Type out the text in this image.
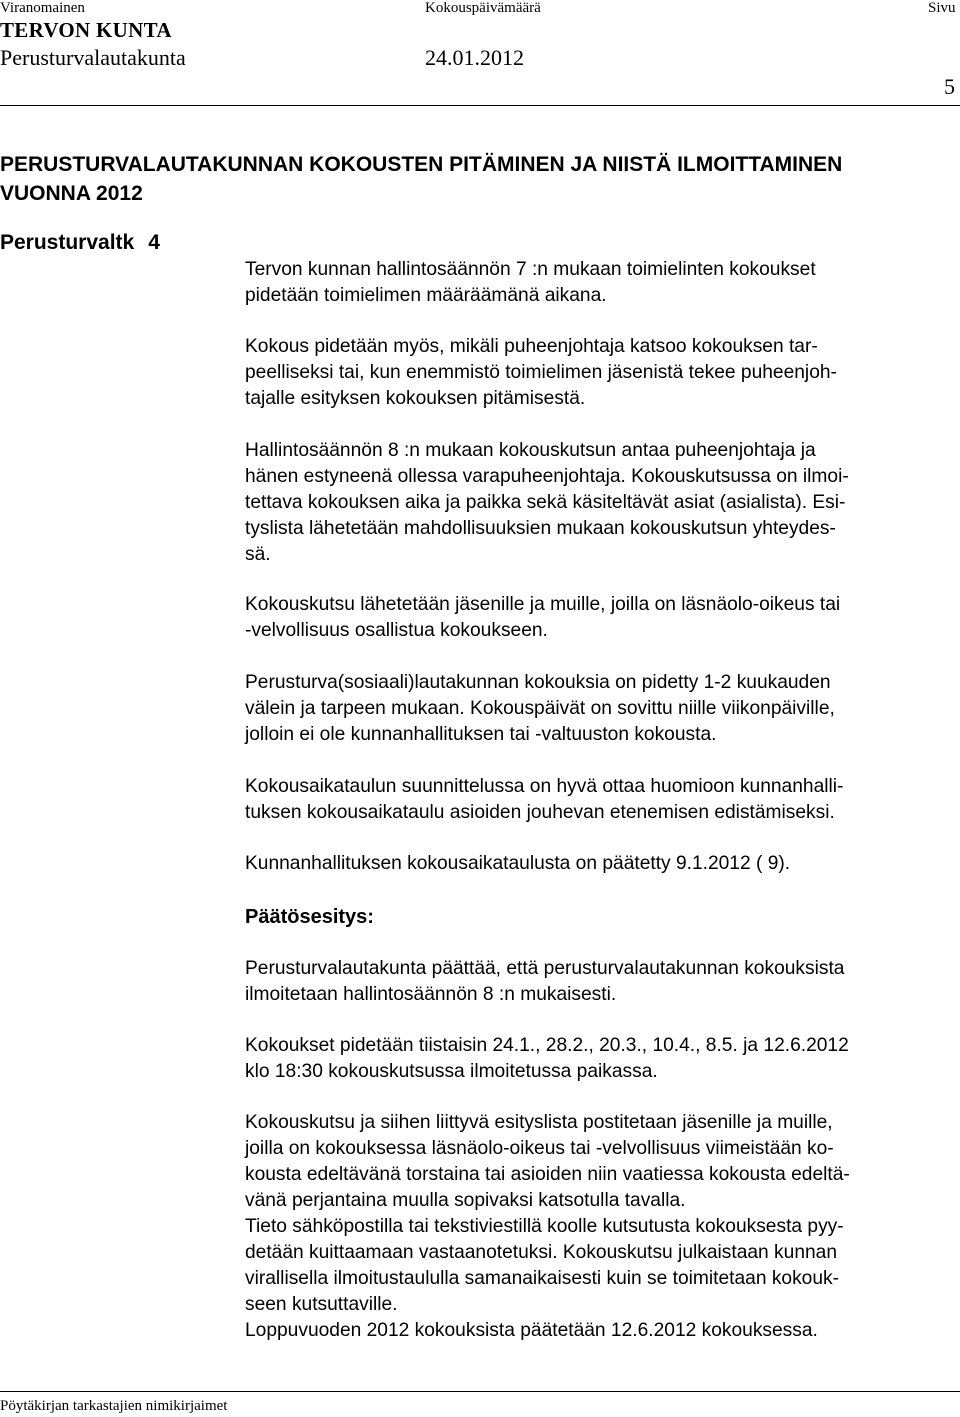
Viranomainen	Kokouspäivämäärä	Sivu
TERVON KUNTA
Perusturvalautakunta	24.01.2012
5
PERUSTURVALAUTAKUNNAN KOKOUSTEN PITÄMINEN JA NIISTÄ ILMOITTAMINEN
VUONNA 2012
Perusturvaltk 4

Tervon kunnan hallintosäännön 7 :n mukaan toimielinten kokoukset

pidetään toimielimen määräämänä aikana.

Kokous pidetään myös, mikäli puheenjohtaja katsoo kokouksen tar-

peelliseksi tai, kun enemmistö toimielimen jäsenistä tekee puheenjoh-

tajalle esityksen kokouksen pitämisestä.

Hallintosäännön 8 :n mukaan kokouskutsun antaa puheenjohtaja ja

hänen estyneenä ollessa varapuheenjohtaja. Kokouskutsussa on ilmoi-

tettava kokouksen aika ja paikka sekä käsiteltävät asiat (asialista). Esi-

tyslista lähetetään mahdollisuuksien mukaan kokouskutsun yhteydes-

sä.

Kokouskutsu lähetetään jäsenille ja muille, joilla on läsnäolo-oikeus tai

-velvollisuus osallistua kokoukseen.

Perusturva(sosiaali)lautakunnan kokouksia on pidetty 1-2 kuukauden

välein ja tarpeen mukaan. Kokouspäivät on sovittu niille viikonpäiville,

jolloin ei ole kunnanhallituksen tai -valtuuston kokousta.

Kokousaikataulun suunnittelussa on hyvä ottaa huomioon kunnanhalli-

tuksen kokousaikataulu asioiden jouhevan etenemisen edistämiseksi.

Kunnanhallituksen kokousaikataulusta on päätetty 9.1.2012 ( 9).

Päätösesitys:

Perusturvalautakunta päättää, että perusturvalautakunnan kokouksista

ilmoitetaan hallintosäännön 8 :n mukaisesti.

Kokoukset pidetään tiistaisin 24.1., 28.2., 20.3., 10.4., 8.5. ja 12.6.2012

klo 18:30 kokouskutsussa ilmoitetussa paikassa.

Kokouskutsu ja siihen liittyvä esityslista postitetaan jäsenille ja muille,

joilla on kokouksessa läsnäolo-oikeus tai -velvollisuus viimeistään ko-

kousta edeltävänä torstaina tai asioiden niin vaatiessa kokousta edeltä-

vänä perjantaina muulla sopivaksi katsotulla tavalla.

Tieto sähköpostilla tai tekstiviestillä koolle kutsutusta kokouksesta pyy-

detään kuittaamaan vastaanotetuksi. Kokouskutsu julkaistaan kunnan

virallisella ilmoitustaululla samanaikaisesti kuin se toimitetaan kokouk-

seen kutsuttaville.

Loppuvuoden 2012 kokouksista päätetään 12.6.2012 kokouksessa.

Pöytäkirjan tarkastajien nimikirjaimet
